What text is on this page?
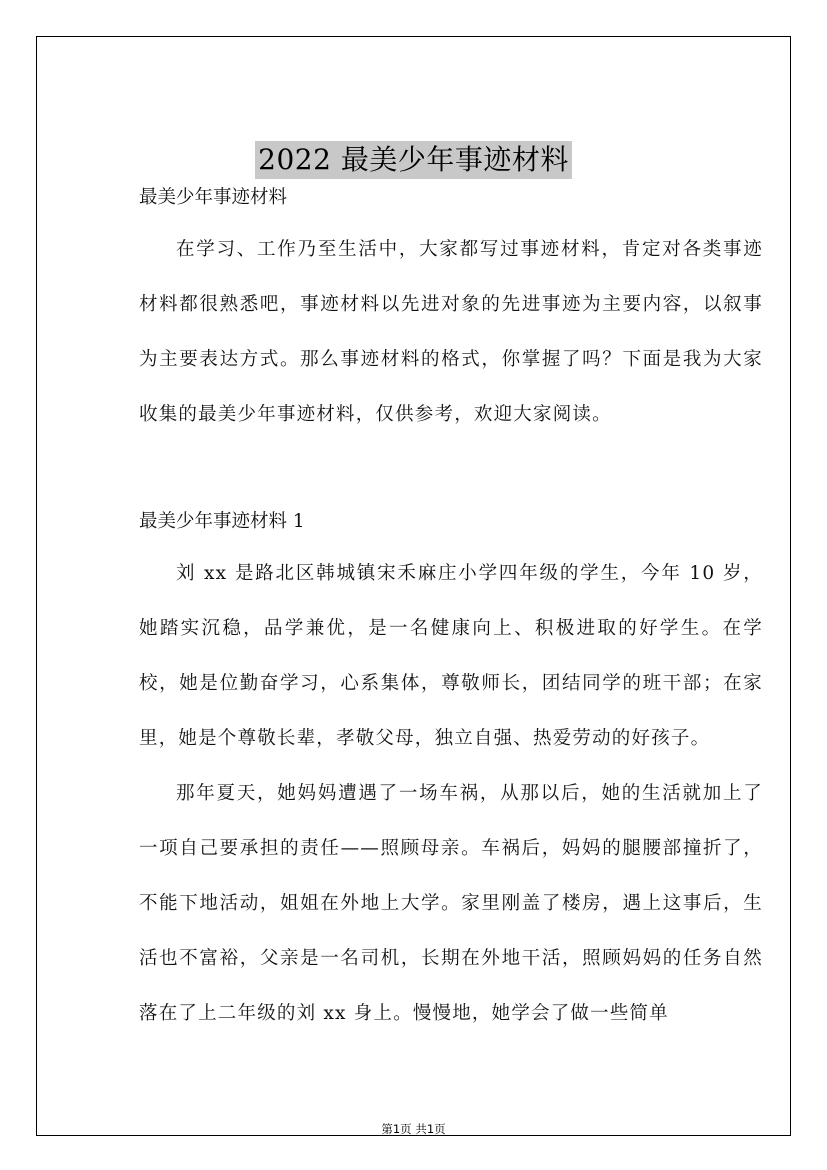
2022 最美少年事迹材料
最美少年事迹材料

在学习、工作乃至生活中，大家都写过事迹材料，肯定对各类事迹材料都很熟悉吧，事迹材料以先进对象的先进事迹为主要内容，以叙事为主要表达方式。那么事迹材料的格式，你掌握了吗？下面是我为大家收集的最美少年事迹材料，仅供参考，欢迎大家阅读。

最美少年事迹材料 1

刘 xx 是路北区韩城镇宋禾麻庄小学四年级的学生，今年 10 岁，她踏实沉稳，品学兼优，是一名健康向上、积极进取的好学生。在学校，她是位勤奋学习，心系集体，尊敬师长，团结同学的班干部；在家里，她是个尊敬长辈，孝敬父母，独立自强、热爱劳动的好孩子。

那年夏天，她妈妈遭遇了一场车祸，从那以后，她的生活就加上了一项自己要承担的责任——照顾母亲。车祸后，妈妈的腿腰部撞折了，不能下地活动，姐姐在外地上大学。家里刚盖了楼房，遇上这事后，生活也不富裕，父亲是一名司机，长期在外地干活，照顾妈妈的任务自然落在了上二年级的刘 xx 身上。慢慢地，她学会了做一些简单

第1页 共1页
